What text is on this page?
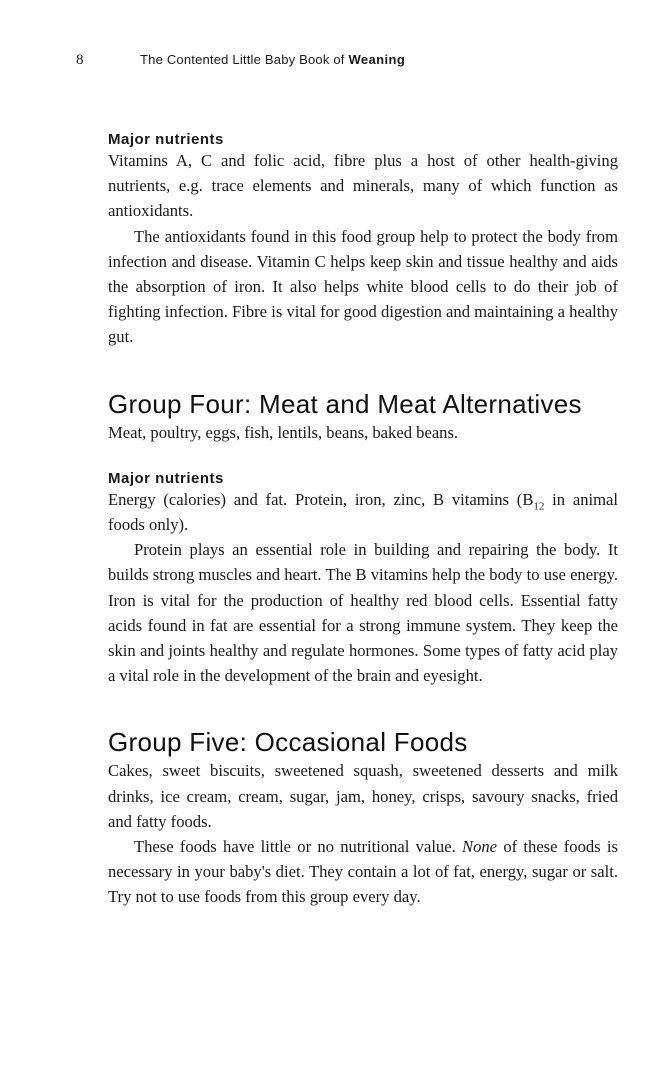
8	The Contented Little Baby Book of Weaning
Major nutrients

Vitamins A, C and folic acid, fibre plus a host of other health-giving nutrients, e.g. trace elements and minerals, many of which function as antioxidants.

The antioxidants found in this food group help to protect the body from infection and disease. Vitamin C helps keep skin and tissue healthy and aids the absorption of iron. It also helps white blood cells to do their job of fighting infection. Fibre is vital for good digestion and maintaining a healthy gut.

Group Four: Meat and Meat Alternatives

Meat, poultry, eggs, fish, lentils, beans, baked beans.

Major nutrients

Energy (calories) and fat. Protein, iron, zinc, B vitamins ($B_{12}$ in animal foods only).

Protein plays an essential role in building and repairing the body. It builds strong muscles and heart. The B vitamins help the body to use energy. Iron is vital for the production of healthy red blood cells. Essential fatty acids found in fat are essential for a strong immune system. They keep the skin and joints healthy and regulate hormones. Some types of fatty acid play a vital role in the development of the brain and eyesight.

Group Five: Occasional Foods

Cakes, sweet biscuits, sweetened squash, sweetened desserts and milk drinks, ice cream, cream, sugar, jam, honey, crisps, savoury snacks, fried and fatty foods.

These foods have little or no nutritional value. None of these foods is necessary in your baby's diet. They contain a lot of fat, energy, sugar or salt. Try not to use foods from this group every day.
